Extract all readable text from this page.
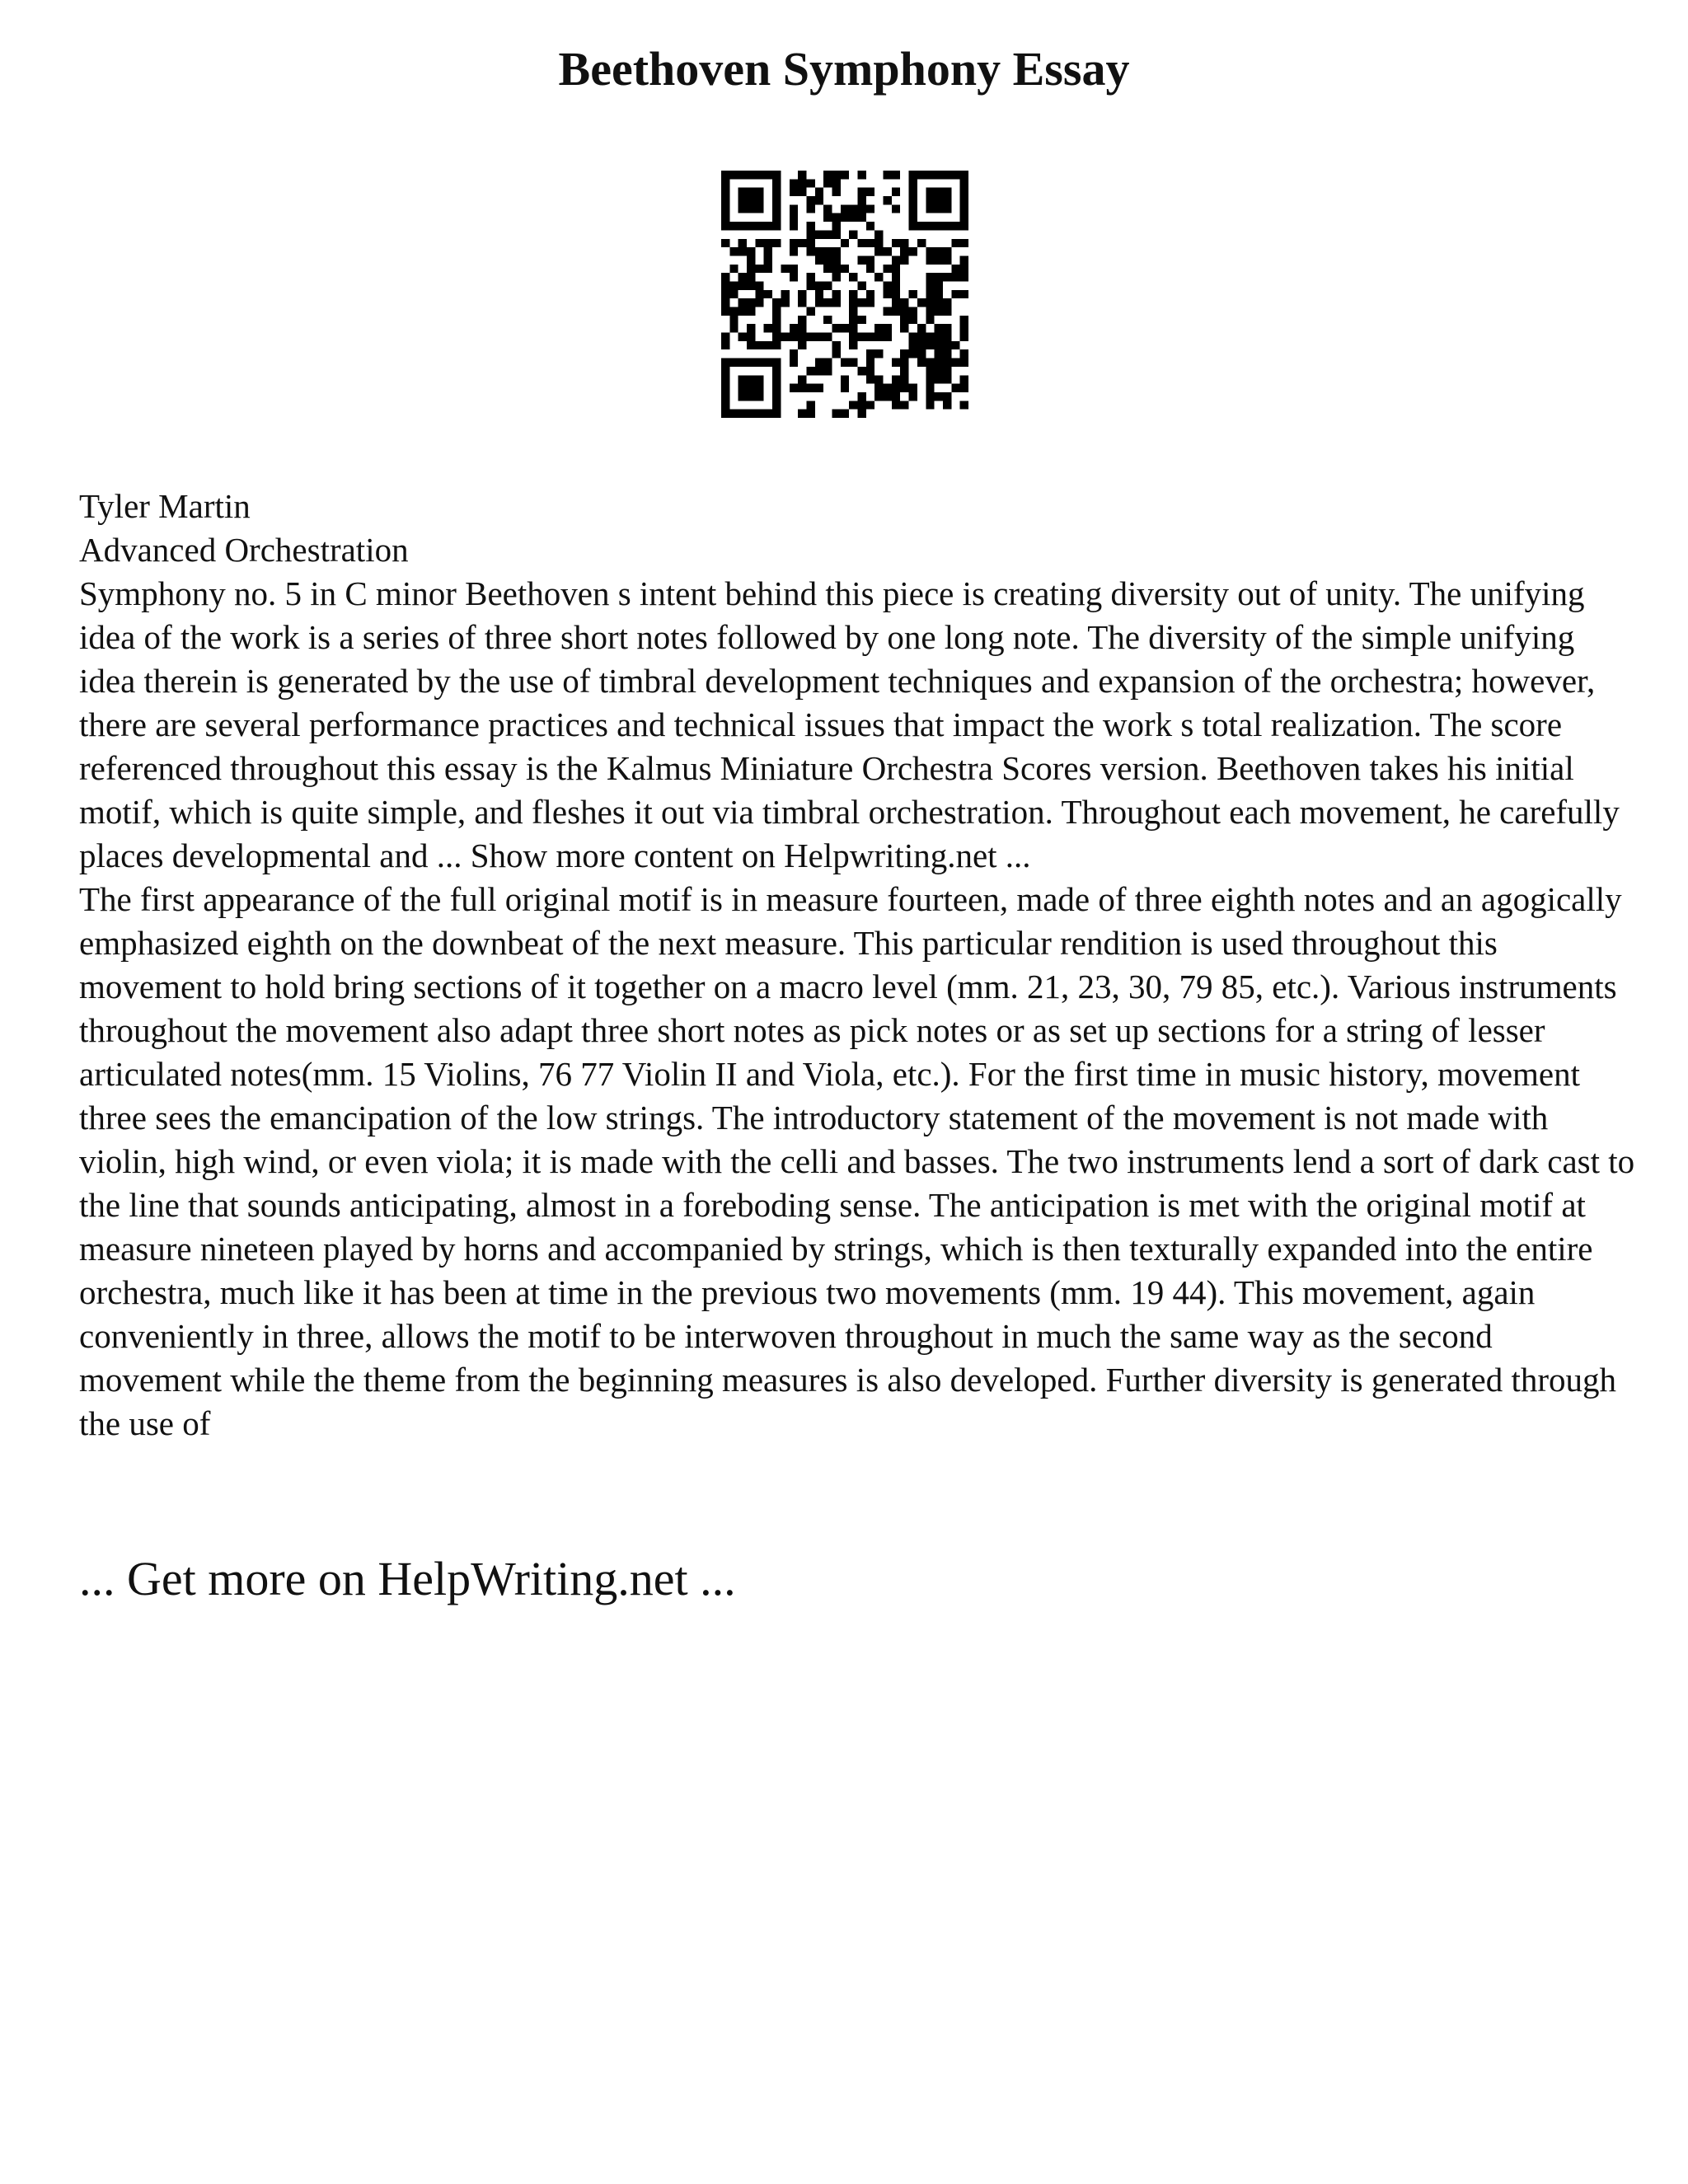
Beethoven Symphony Essay

Tyler Martin

Advanced Orchestration

Symphony no. 5 in C minor Beethoven s intent behind this piece is creating diversity out of unity. The unifying idea of the work is a series of three short notes followed by one long note. The diversity of the simple unifying idea therein is generated by the use of timbral development techniques and expansion of the orchestra; however, there are several performance practices and technical issues that impact the work s total realization. The score referenced throughout this essay is the Kalmus Miniature Orchestra Scores version. Beethoven takes his initial motif, which is quite simple, and fleshes it out via timbral orchestration. Throughout each movement, he carefully places developmental and ... Show more content on Helpwriting.net ...

The first appearance of the full original motif is in measure fourteen, made of three eighth notes and an agogically emphasized eighth on the downbeat of the next measure. This particular rendition is used throughout this movement to hold bring sections of it together on a macro level (mm. 21, 23, 30, 79 85, etc.). Various instruments throughout the movement also adapt three short notes as pick notes or as set up sections for a string of lesser articulated notes(mm. 15 Violins, 76 77 Violin II and Viola, etc.). For the first time in music history, movement three sees the emancipation of the low strings. The introductory statement of the movement is not made with violin, high wind, or even viola; it is made with the celli and basses. The two instruments lend a sort of dark cast to the line that sounds anticipating, almost in a foreboding sense. The anticipation is met with the original motif at measure nineteen played by horns and accompanied by strings, which is then texturally expanded into the entire orchestra, much like it has been at time in the previous two movements (mm. 19 44). This movement, again conveniently in three, allows the motif to be interwoven throughout in much the same way as the second movement while the theme from the beginning measures is also developed. Further diversity is generated through the use of

... Get more on HelpWriting.net ...
